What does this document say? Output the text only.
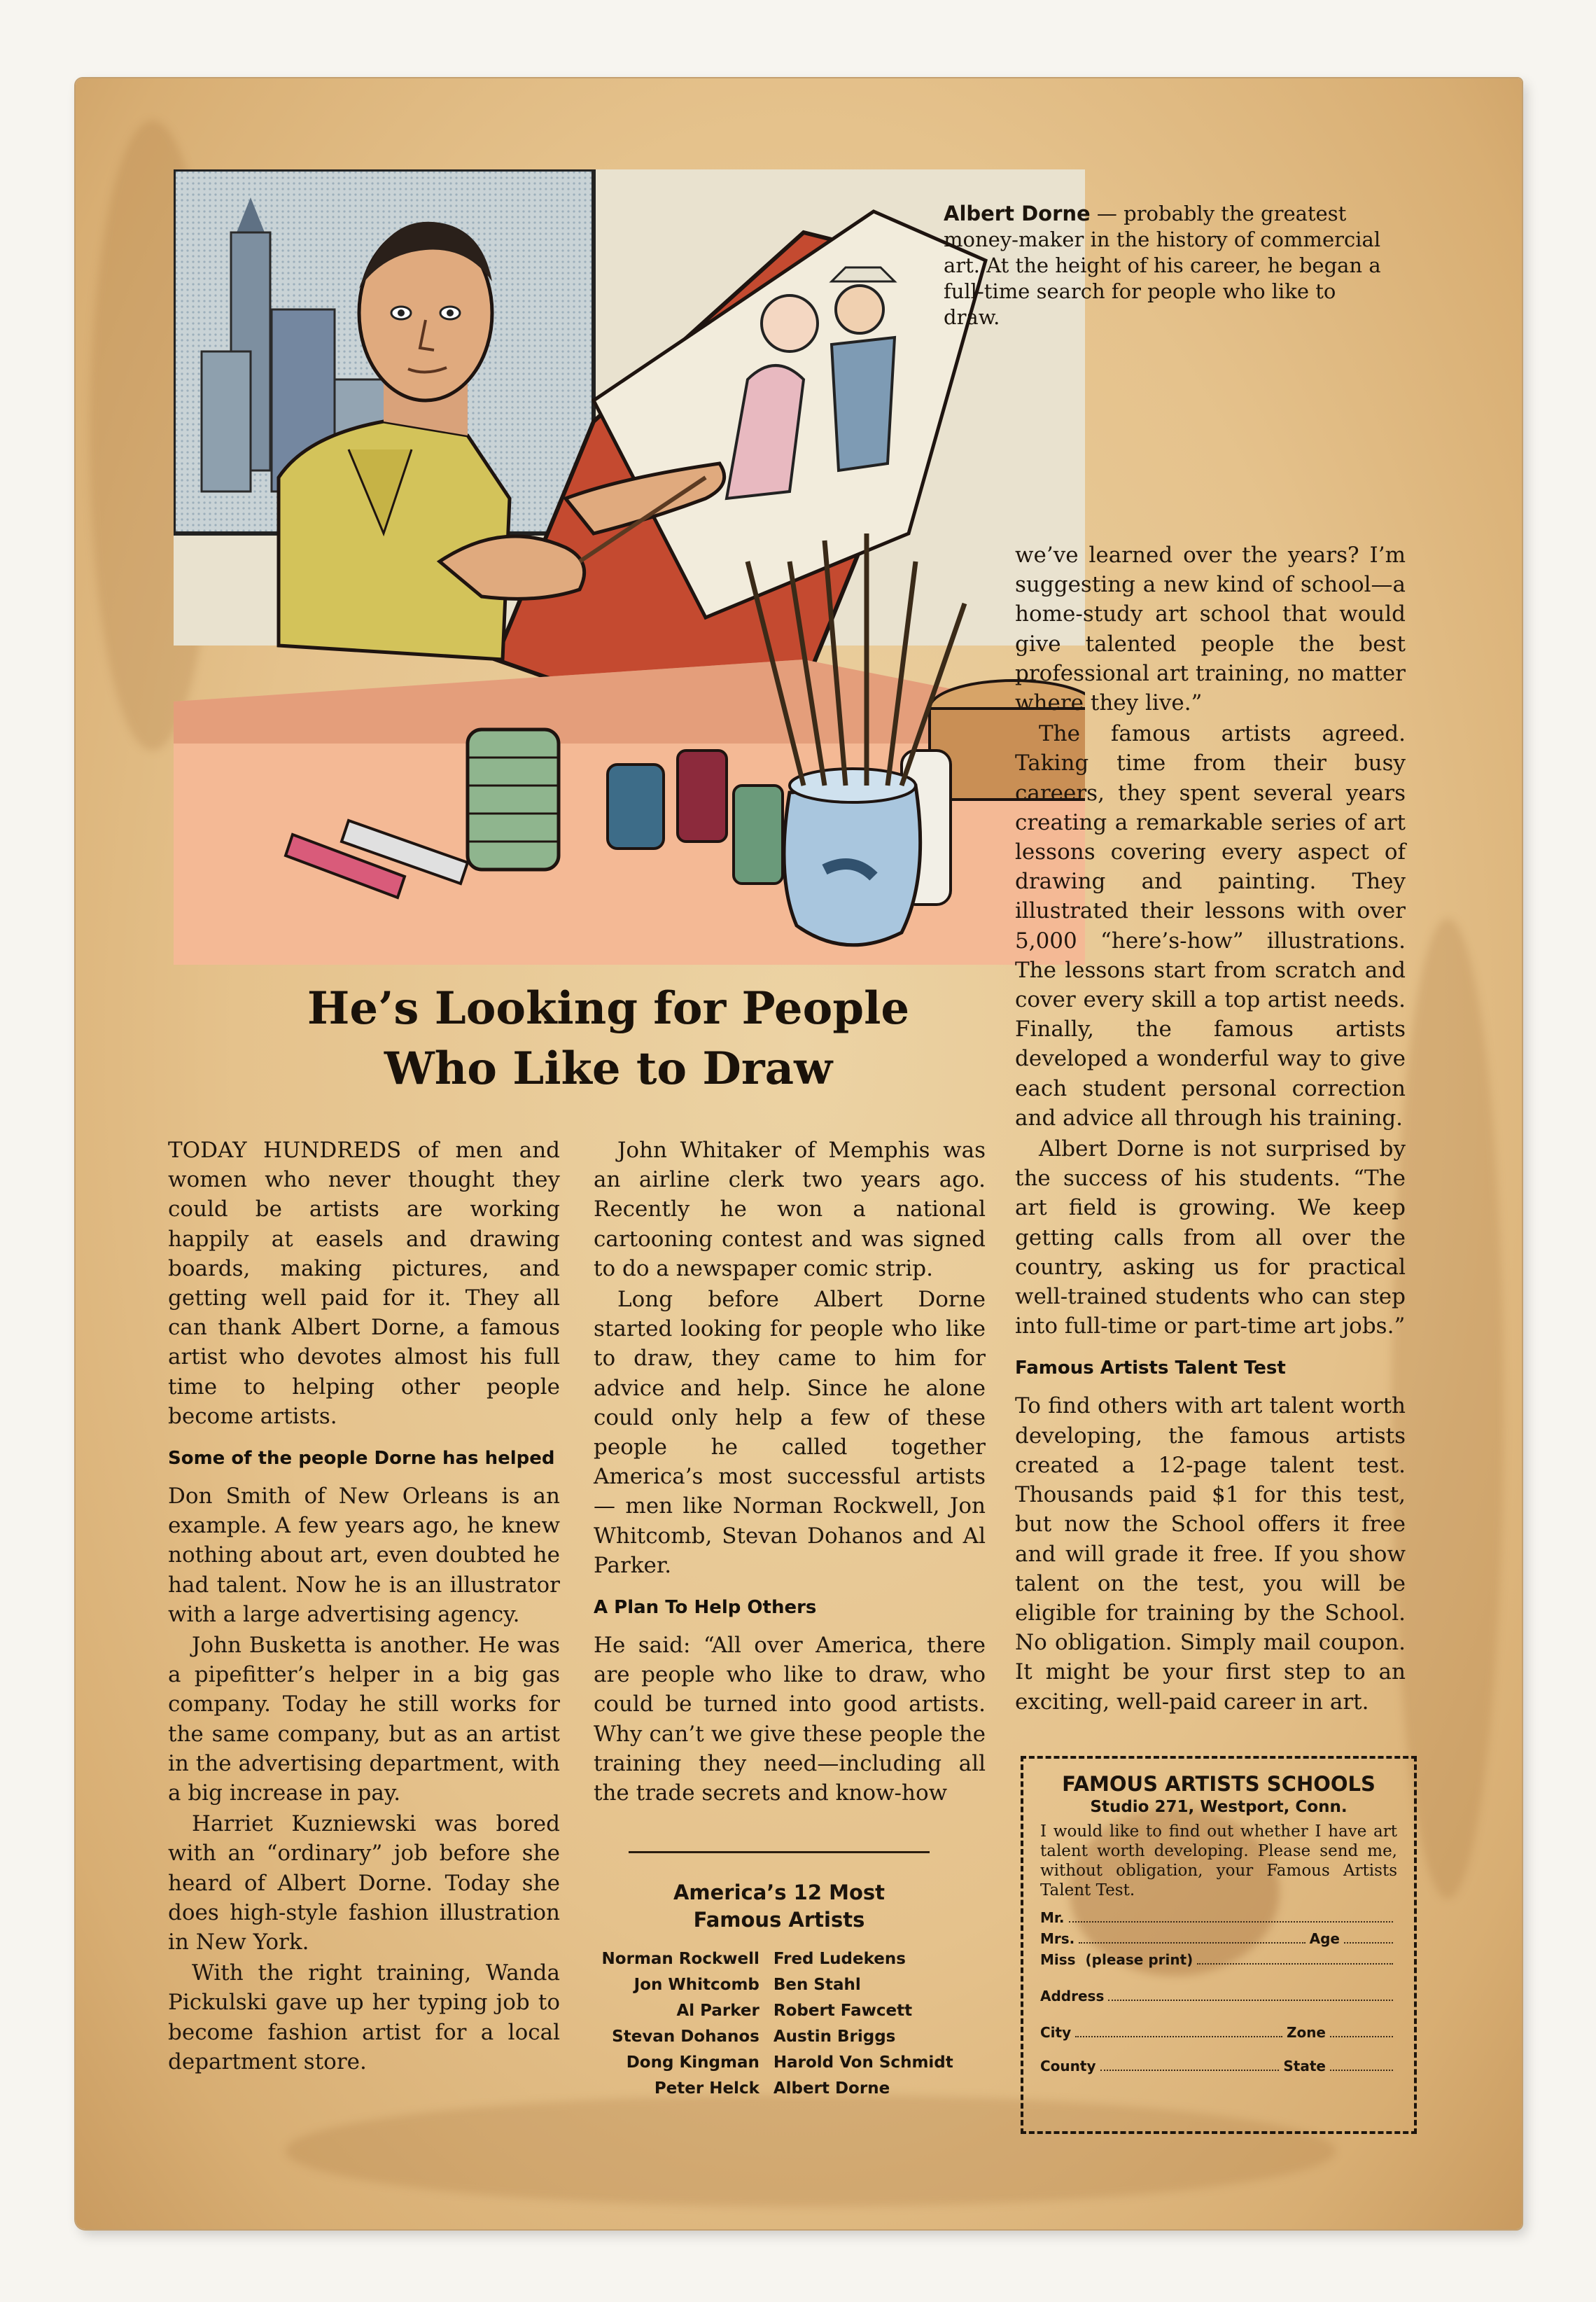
Albert Dorne — probably the greatest money-maker in the history of commercial art. At the height of his career, he began a full-time search for people who like to draw.
He’s Looking for People
Who Like to Draw

TODAY HUNDREDS of men and women who never thought they could be artists are working happily at easels and drawing boards, making pictures, and getting well paid for it. They all can thank Albert Dorne, a famous artist who devotes almost his full time to helping other people become artists.

Some of the people Dorne has helped

Don Smith of New Orleans is an example. A few years ago, he knew nothing about art, even doubted he had talent. Now he is an illustrator with a large advertising agency.

John Busketta is another. He was a pipefitter’s helper in a big gas company. Today he still works for the same company, but as an artist in the advertising department, with a big increase in pay.

Harriet Kuzniewski was bored with an “ordinary” job before she heard of Albert Dorne. Today she does high-style fashion illustration in New York.

With the right training, Wanda Pickulski gave up her typing job to become fashion artist for a local department store.

John Whitaker of Memphis was an airline clerk two years ago. Recently he won a national cartooning contest and was signed to do a newspaper comic strip.

Long before Albert Dorne started looking for people who like to draw, they came to him for advice and help. Since he alone could only help a few of these people he called together America’s most successful artists — men like Norman Rockwell, Jon Whitcomb, Stevan Dohanos and Al Parker.

A Plan To Help Others

He said: “All over America, there are people who like to draw, who could be turned into good artists. Why can’t we give these people the training they need—including all the trade secrets and know-how

America’s 12 Most
Famous Artists
Norman Rockwell	Fred Ludekens
Jon Whitcomb	Ben Stahl
Al Parker	Robert Fawcett
Stevan Dohanos	Austin Briggs
Dong Kingman	Harold Von Schmidt
Peter Helck	Albert Dorne

we’ve learned over the years? I’m suggesting a new kind of school—a home-study art school that would give talented people the best professional art training, no matter where they live.”

The famous artists agreed. Taking time from their busy careers, they spent several years creating a remarkable series of art lessons covering every aspect of drawing and painting. They illustrated their lessons with over 5,000 “here’s-how” illustrations. The lessons start from scratch and cover every skill a top artist needs. Finally, the famous artists developed a wonderful way to give each student personal correction and advice all through his training.

Albert Dorne is not surprised by the success of his students. “The art field is growing. We keep getting calls from all over the country, asking us for practical well-trained students who can step into full-time or part-time art jobs.”

Famous Artists Talent Test

To find others with art talent worth developing, the famous artists created a 12-page talent test. Thousands paid $1 for this test, but now the School offers it free and will grade it free. If you show talent on the test, you will be eligible for training by the School. No obligation. Simply mail coupon. It might be your first step to an exciting, well-paid career in art.

FAMOUS ARTISTS SCHOOLS
Studio 271, Westport, Conn.
I would like to find out whether I have art talent worth developing. Please send me, without obligation, your Famous Artists Talent Test.
Mr.
Mrs.	Age
Miss
(please print)
Address
City	Zone
County	State
